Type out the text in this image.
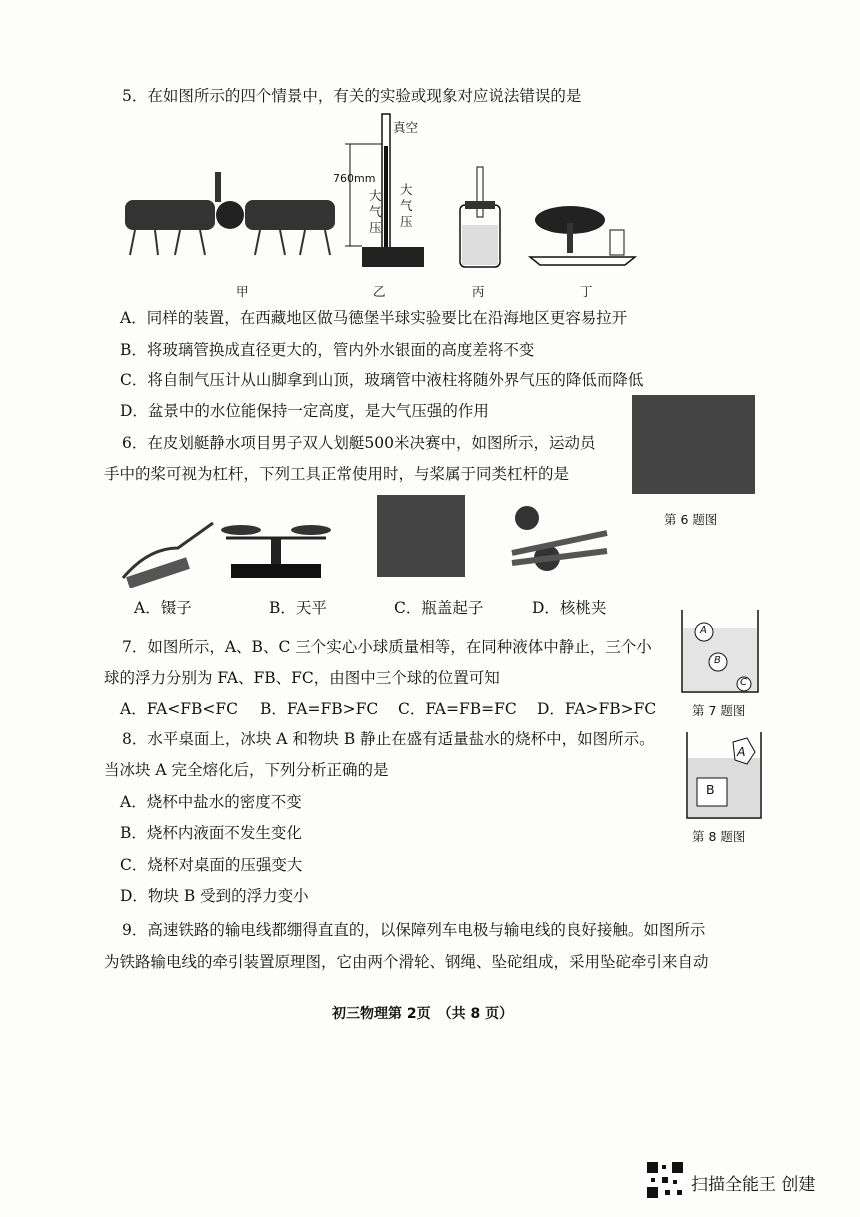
5．在如图所示的四个情景中，有关的实验或现象对应说法错误的是
真空
760mm
大气压
大气压
甲	乙	丙	丁
A．同样的装置，在西藏地区做马德堡半球实验要比在沿海地区更容易拉开
B．将玻璃管换成直径更大的，管内外水银面的高度差将不变
C．将自制气压计从山脚拿到山顶，玻璃管中液柱将随外界气压的降低而降低
D．盆景中的水位能保持一定高度，是大气压强的作用
6．在皮划艇静水项目男子双人划艇500米决赛中，如图所示，运动员
手中的桨可视为杠杆，下列工具正常使用时，与桨属于同类杠杆的是
第 6 题图
A．镊子	B．天平	C．瓶盖起子	D．核桃夹
A
B
C
第 7 题图
7．如图所示，A、B、C 三个实心小球质量相等，在同种液体中静止，三个小
球的浮力分别为 FA、FB、FC，由图中三个球的位置可知
A．FA<FB<FC B．FA=FB>FC C．FA=FB=FC D．FA>FB>FC
A
B
第 8 题图
8．水平桌面上，冰块 A 和物块 B 静止在盛有适量盐水的烧杯中，如图所示。
当冰块 A 完全熔化后，下列分析正确的是
A．烧杯中盐水的密度不变
B．烧杯内液面不发生变化
C．烧杯对桌面的压强变大
D．物块 B 受到的浮力变小
9．高速铁路的输电线都绷得直直的，以保障列车电极与输电线的良好接触。如图所示
为铁路输电线的牵引装置原理图，它由两个滑轮、钢绳、坠砣组成，采用坠砣牵引来自动
初三物理第 2页　（共 8 页）
扫描全能王 创建
